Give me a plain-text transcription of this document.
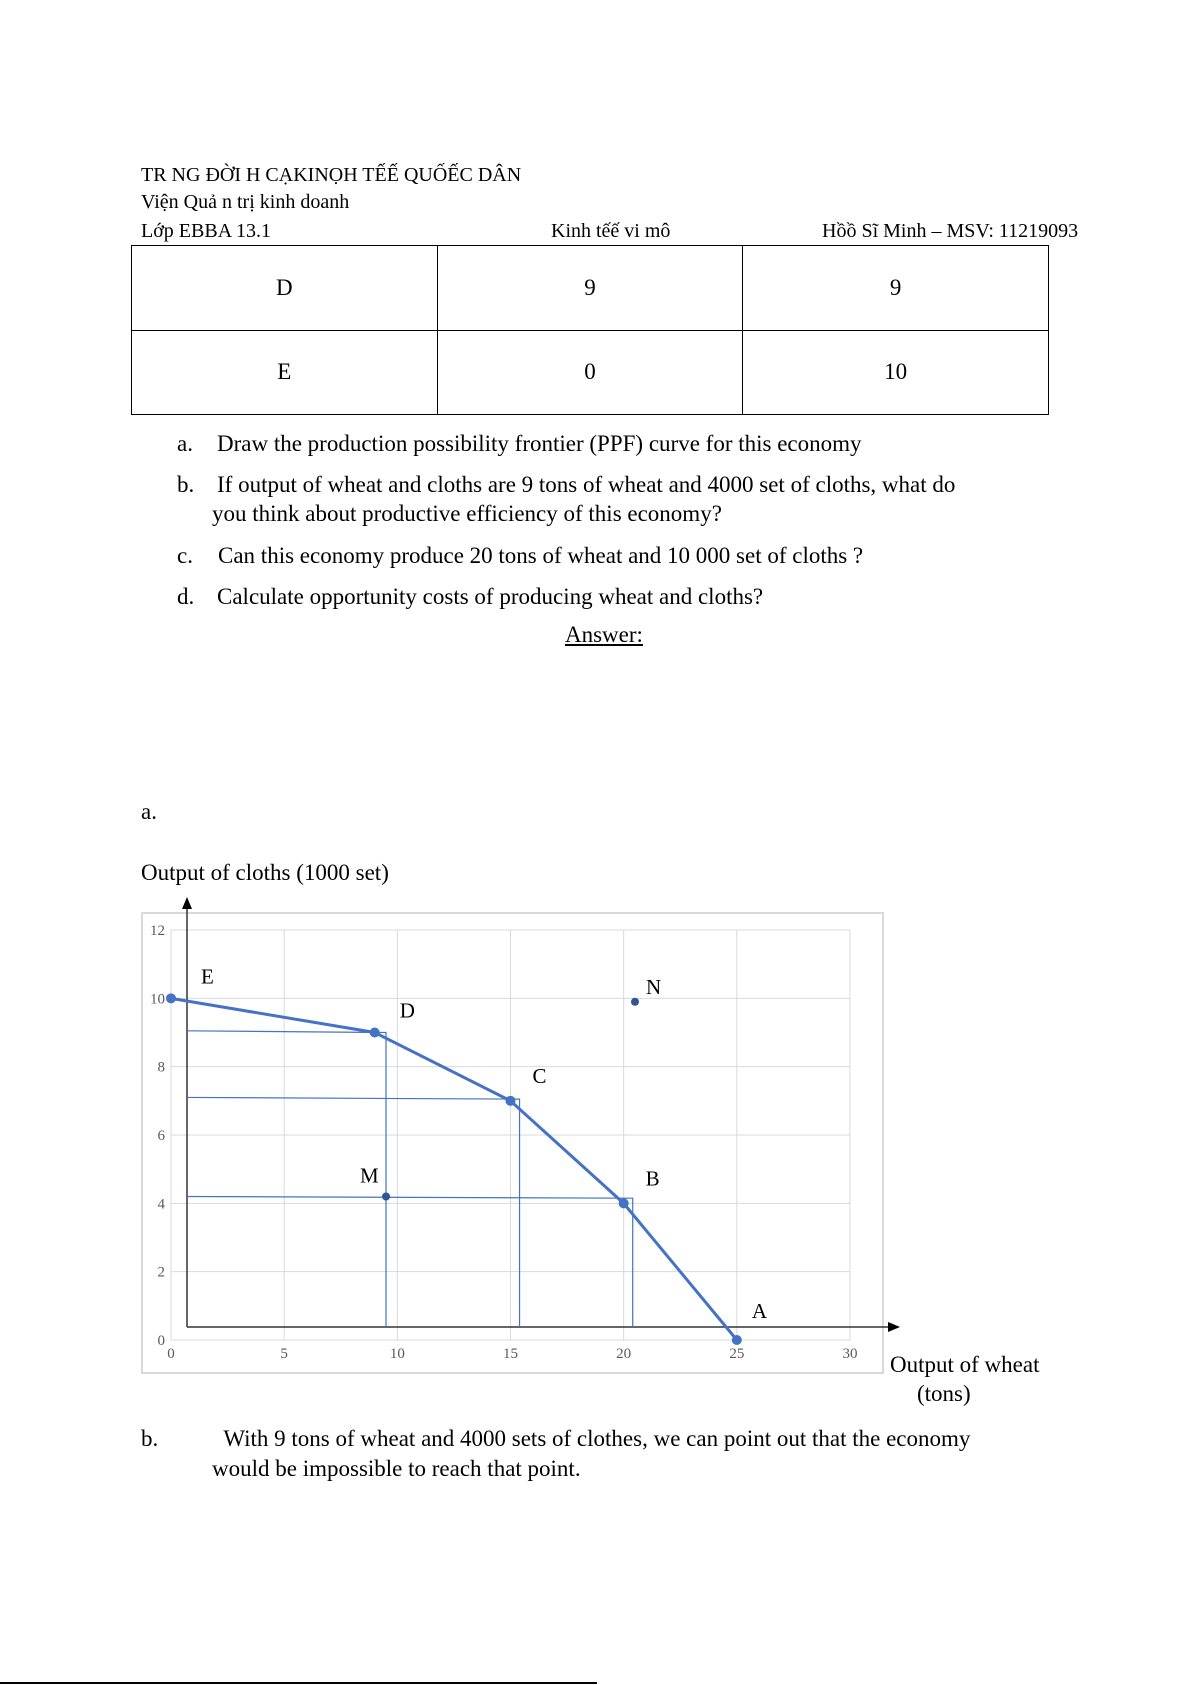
TR NG ĐỜI H CẠKINỌH TẾẾ QUỐẾC DÂN
Viện Quả n trị kinh doanh
Lớp EBBA 13.1	Kinh tếế vi mô	Hồồ Sĩ Minh – MSV: 11219093
D	9	9
E	0	10
a. Draw the production possibility frontier (PPF) curve for this economy
b. If output of wheat and cloths are 9 tons of wheat and 4000 set of cloths, what do
you think about productive efficiency of this economy?
c. Can this economy produce 20 tons of wheat and 10 000 set of cloths ?
d. Calculate opportunity costs of producing wheat and cloths?
Answer:
a.
Output of cloths (1000 set)
Output of wheat
(tons)
0	5	10	15	20	25	30
0
2
4
6
8
10
12
E
D
C
B
A
M
N
b.	With 9 tons of wheat and 4000 sets of clothes, we can point out that the economy
would be impossible to reach that point.
